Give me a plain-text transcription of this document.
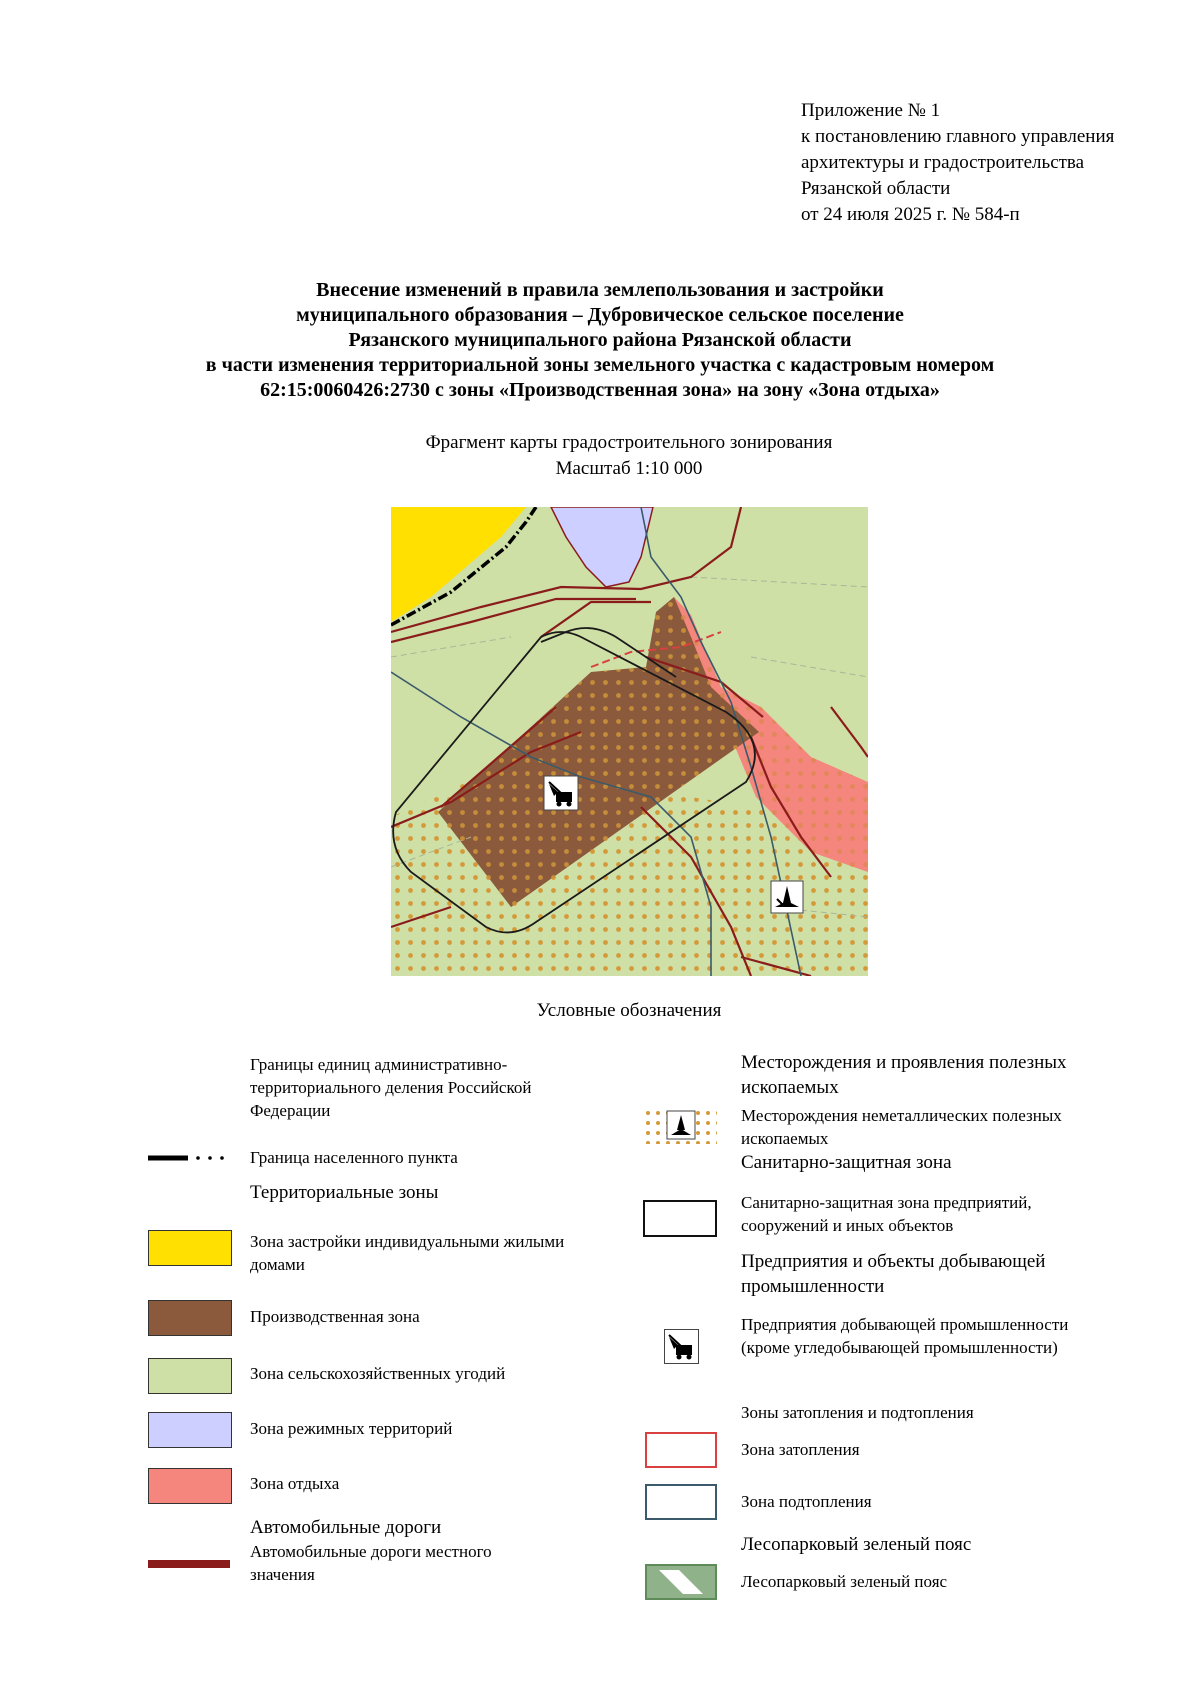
Приложение № 1
к постановлению главного управления
архитектуры и градостроительства
Рязанской области
от 24 июля 2025 г. № 584-п
Внесение изменений в правила землепользования и застройки
муниципального образования – Дубровическое сельское поселение
Рязанского муниципального района Рязанской области
в части изменения территориальной зоны земельного участка с кадастровым номером
62:15:0060426:2730 с зоны «Производственная зона» на зону «Зона отдыха»
Фрагмент карты градостроительного зонирования
Масштаб 1:10 000
Условные обозначения
Границы единиц административно-территориального деления Российской Федерации
Граница населенного пункта
Территориальные зоны
Зона застройки индивидуальными жилыми домами
Производственная зона
Зона сельскохозяйственных угодий
Зона режимных территорий
Зона отдыха
Автомобильные дороги
Автомобильные дороги местного значения
Месторождения и проявления полезных ископаемых
Месторождения неметаллических полезных ископаемых
Санитарно-защитная зона
Санитарно-защитная зона предприятий, сооружений и иных объектов
Предприятия и объекты добывающей промышленности
Предприятия добывающей промышленности (кроме угледобывающей промышленности)
Зоны затопления и подтопления
Зона затопления
Зона подтопления
Лесопарковый зеленый пояс
Лесопарковый зеленый пояс
